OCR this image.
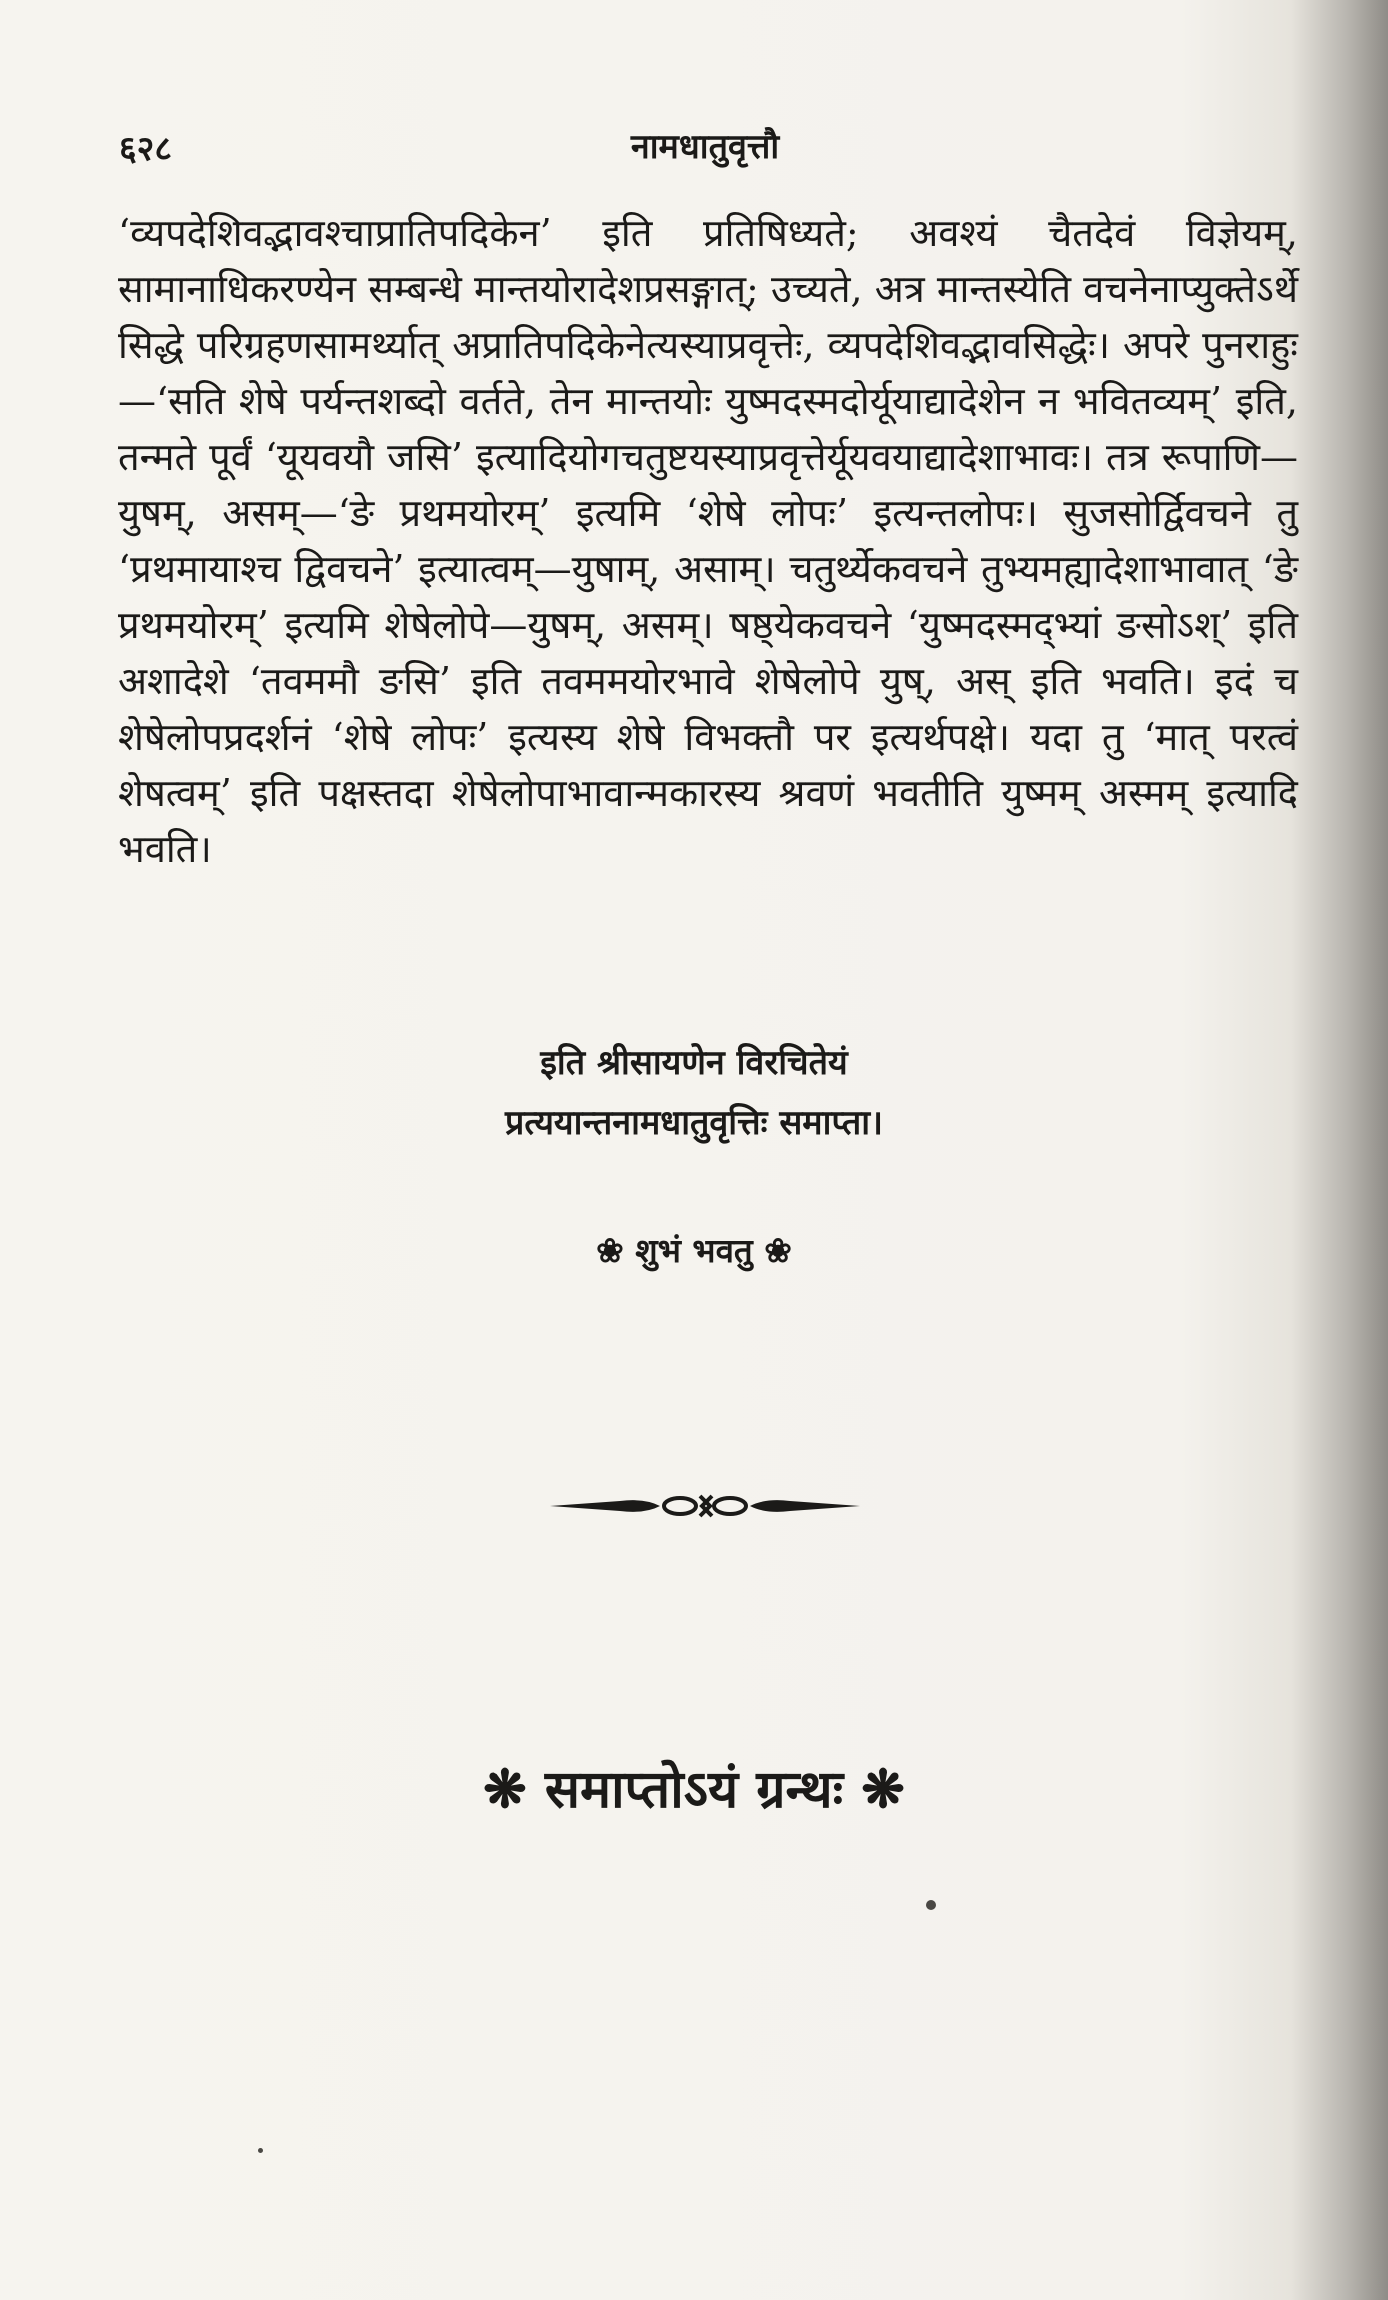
६२८	नामधातुवृत्तौ

‘व्यपदेशिवद्भावश्चाप्रातिपदिकेन’ इति प्रतिषिध्यते; अवश्यं चैतदेवं विज्ञेयम्, सामानाधिकरण्येन सम्बन्धे मान्तयोरादेशप्रसङ्गात्; उच्यते, अत्र मान्तस्येति वचनेनाप्युक्तेऽर्थे सिद्धे परिग्रहणसामर्थ्यात् अप्रातिपदिकेनेत्यस्याप्रवृत्तेः, व्यपदेशिवद्भावसिद्धेः। अपरे पुनराहुः—‘सति शेषे पर्यन्तशब्दो वर्तते, तेन मान्तयोः युष्मदस्मदोर्यूयाद्यादेशेन न भवितव्यम्’ इति, तन्मते पूर्वं ‘यूयवयौ जसि’ इत्यादियोगचतुष्टयस्याप्रवृत्तेर्यूयवयाद्यादेशाभावः। तत्र रूपाणि—युषम्, असम्—‘ङे प्रथमयोरम्’ इत्यमि ‘शेषे लोपः’ इत्यन्तलोपः। सुजसोर्द्विवचने तु ‘प्रथमायाश्च द्विवचने’ इत्यात्वम्—युषाम्, असाम्। चतुर्थ्येकवचने तुभ्यमह्यादेशाभावात् ‘ङे प्रथमयोरम्’ इत्यमि शेषेलोपे—युषम्, असम्। षष्ठ्येकवचने ‘युष्मदस्मद्भ्यां ङसोऽश्’ इति अशादेशे ‘तवममौ ङसि’ इति तवममयोरभावे शेषेलोपे युष्, अस् इति भवति। इदं च शेषेलोपप्रदर्शनं ‘शेषे लोपः’ इत्यस्य शेषे विभक्तौ पर इत्यर्थपक्षे। यदा तु ‘मात् परत्वं शेषत्वम्’ इति पक्षस्तदा शेषेलोपाभावान्मकारस्य श्रवणं भवतीति युष्मम् अस्मम् इत्यादि भवति।

इति श्रीसायणेन विरचितेयं
प्रत्ययान्तनामधातुवृत्तिः समाप्ता।
❀ शुभं भवतु ❀
❋ समाप्तोऽयं ग्रन्थः ❋
